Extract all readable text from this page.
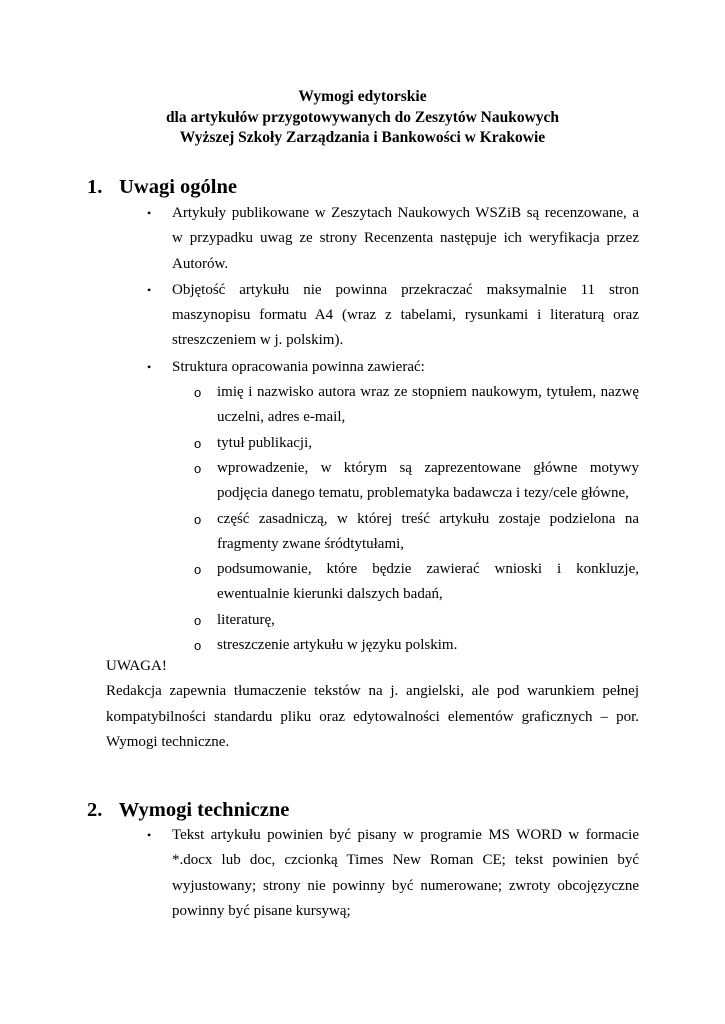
Wymogi edytorskie
dla artykułów przygotowywanych do Zeszytów Naukowych
Wyższej Szkoły Zarządzania i Bankowości w Krakowie
1. Uwagi ogólne
• Artykuły publikowane w Zeszytach Naukowych WSZiB są recenzowane, a w przypadku uwag ze strony Recenzenta następuje ich weryfikacja przez Autorów.
• Objętość artykułu nie powinna przekraczać maksymalnie 11 stron maszynopisu formatu A4 (wraz z tabelami, rysunkami i literaturą oraz streszczeniem w j. polskim).
• Struktura opracowania powinna zawierać:
o imię i nazwisko autora wraz ze stopniem naukowym, tytułem, nazwę uczelni, adres e-mail,
o tytuł publikacji,
o wprowadzenie, w którym są zaprezentowane główne motywy podjęcia danego tematu, problematyka badawcza i tezy/cele główne,
o część zasadniczą, w której treść artykułu zostaje podzielona na fragmenty zwane śródtytułami,
o podsumowanie, które będzie zawierać wnioski i konkluzje, ewentualnie kierunki dalszych badań,
o literaturę,
o streszczenie artykułu w języku polskim.

UWAGA!

Redakcja zapewnia tłumaczenie tekstów na j. angielski, ale pod warunkiem pełnej kompatybilności standardu pliku oraz edytowalności elementów graficznych – por. Wymogi techniczne.

2. Wymogi techniczne
• Tekst artykułu powinien być pisany w programie MS WORD w formacie *.docx lub doc, czcionką Times New Roman CE; tekst powinien być wyjustowany; strony nie powinny być numerowane; zwroty obcojęzyczne powinny być pisane kursywą;
